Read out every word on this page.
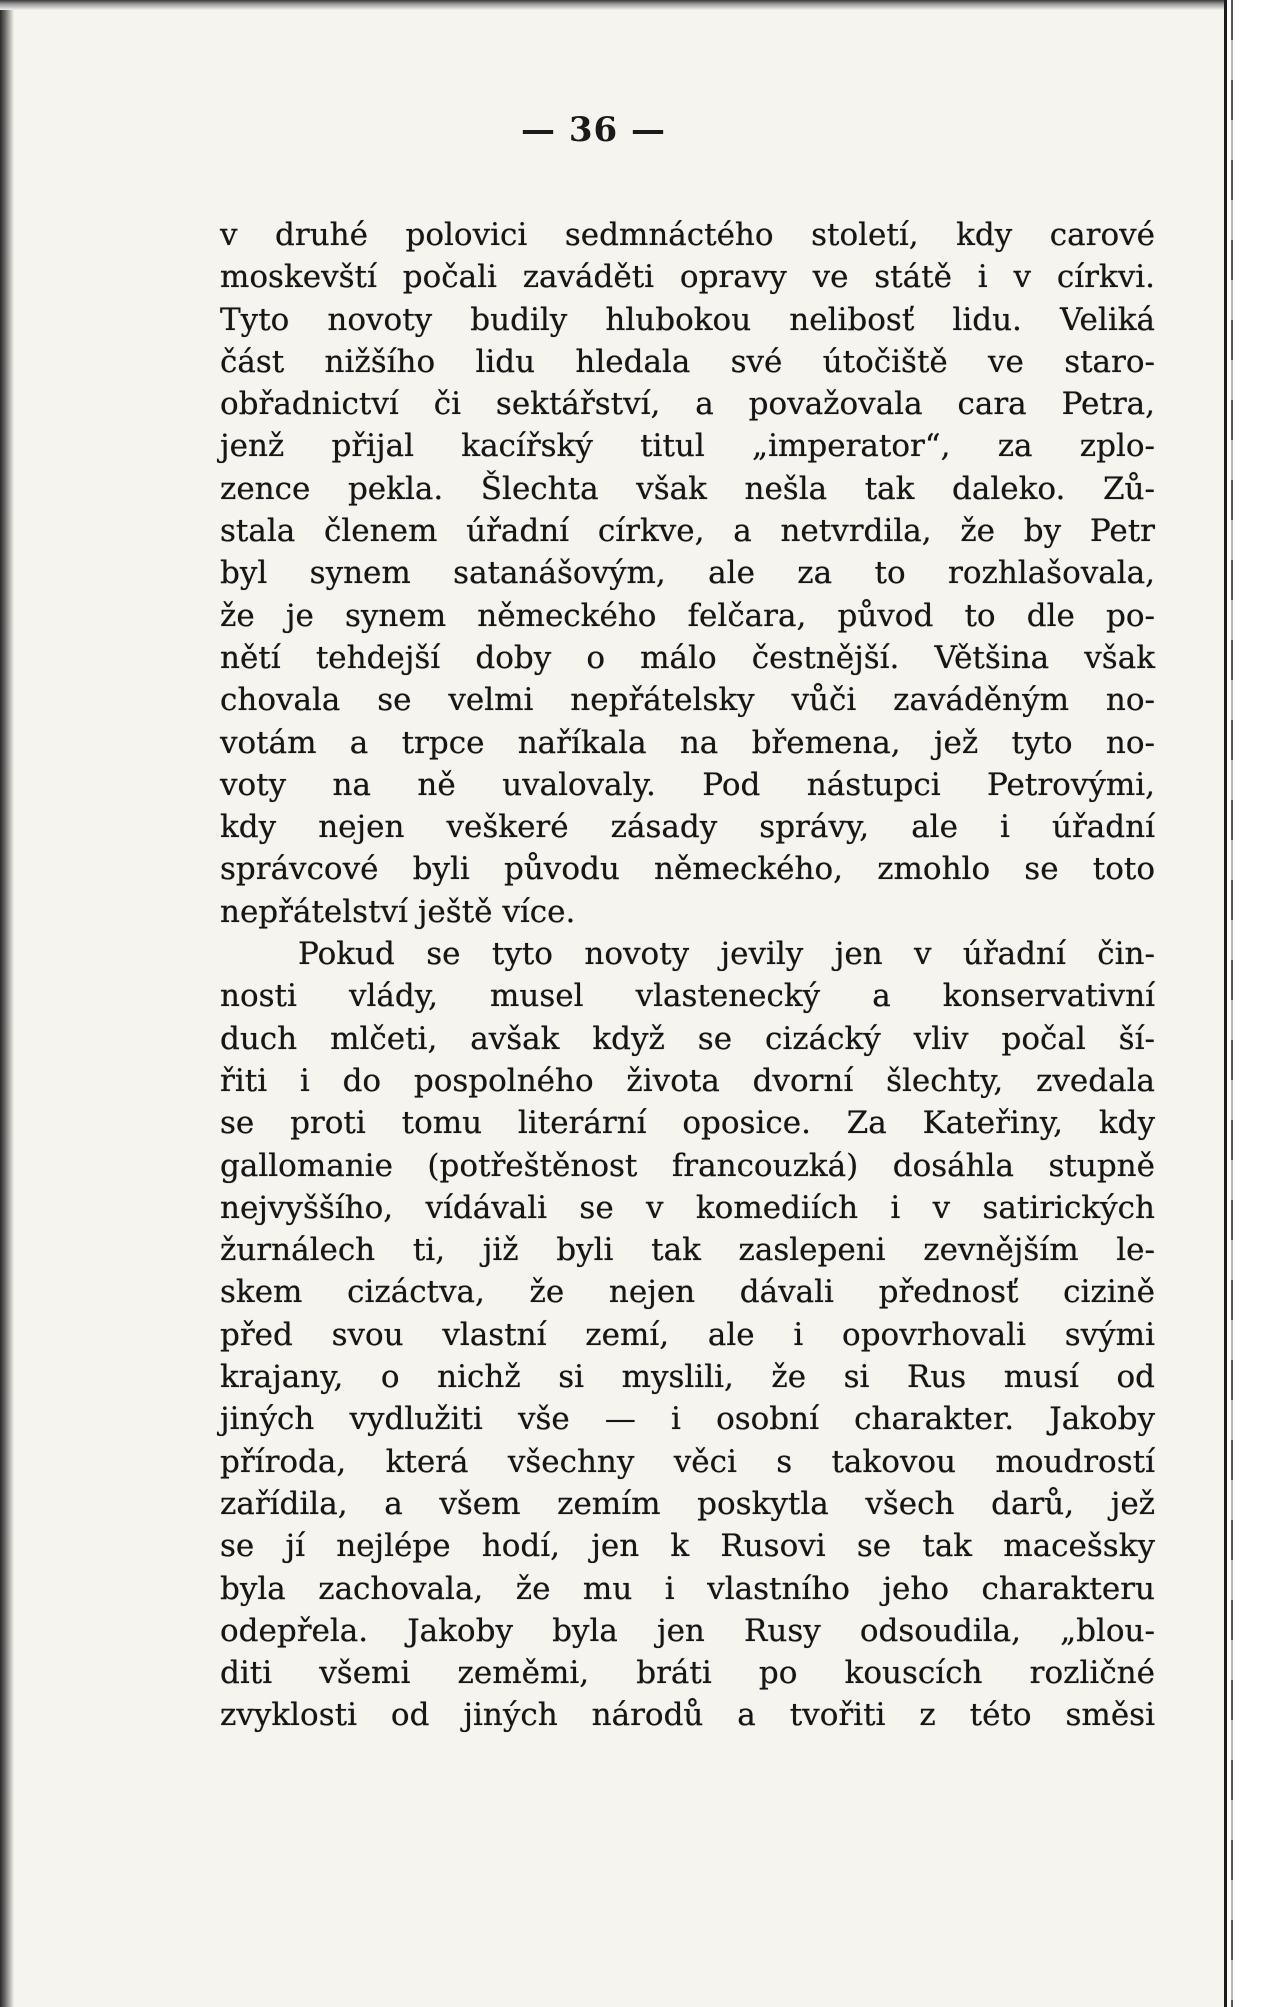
— 36 —
v druhé polovici sedmnáctého století, kdy carové
moskevští počali zaváděti opravy ve státě i v církvi.
Tyto novoty budily hlubokou nelibosť lidu. Veliká
část nižšího lidu hledala své útočiště ve staro-
obřadnictví či sektářství, a považovala cara Petra,
jenž přijal kacířský titul „imperator“, za zplo-
zence pekla. Šlechta však nešla tak daleko. Zů-
stala členem úřadní církve, a netvrdila, že by Petr
byl synem satanášovým, ale za to rozhlašovala,
že je synem německého felčara, původ to dle po-
nětí tehdejší doby o málo čestnější. Většina však
chovala se velmi nepřátelsky vůči zaváděným no-
votám a trpce naříkala na břemena, jež tyto no-
voty na ně uvalovaly. Pod nástupci Petrovými,
kdy nejen veškeré zásady správy, ale i úřadní
správcové byli původu německého, zmohlo se toto
nepřátelství ještě více.
Pokud se tyto novoty jevily jen v úřadní čin-
nosti vlády, musel vlastenecký a konservativní
duch mlčeti, avšak když se cizácký vliv počal ší-
řiti i do pospolného života dvorní šlechty, zvedala
se proti tomu literární oposice. Za Kateřiny, kdy
gallomanie (potřeštěnost francouzká) dosáhla stupně
nejvyššího, vídávali se v komediích i v satirických
žurnálech ti, již byli tak zaslepeni zevnějším le-
skem cizáctva, že nejen dávali přednosť cizině
před svou vlastní zemí, ale i opovrhovali svými
krajany, o nichž si myslili, že si Rus musí od
jiných vydlužiti vše — i osobní charakter. Jakoby
příroda, která všechny věci s takovou moudrostí
zařídila, a všem zemím poskytla všech darů, jež
se jí nejlépe hodí, jen k Rusovi se tak macešsky
byla zachovala, že mu i vlastního jeho charakteru
odepřela. Jakoby byla jen Rusy odsoudila, „blou-
diti všemi zeměmi, bráti po kouscích rozličné
zvyklosti od jiných národů a tvořiti z této směsi
